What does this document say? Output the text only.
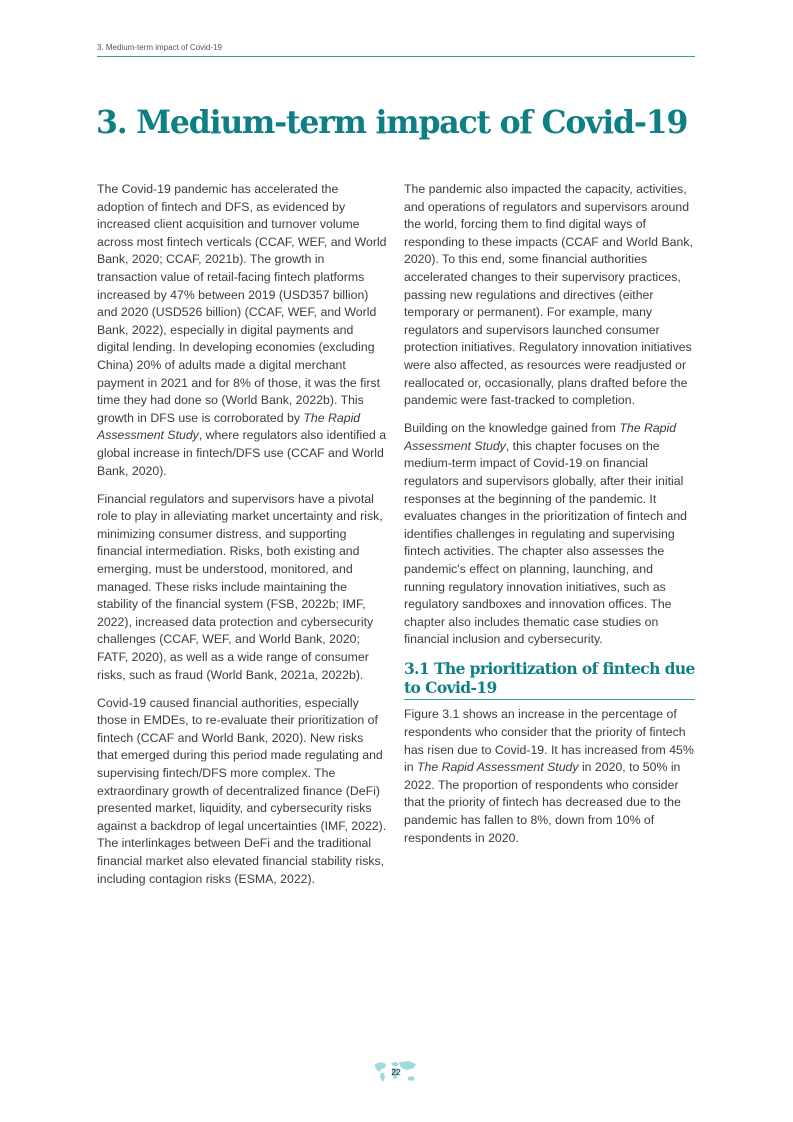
3. Medium-term impact of Covid-19
3. Medium-term impact of Covid-19

The Covid-19 pandemic has accelerated the adoption of fintech and DFS, as evidenced by increased client acquisition and turnover volume across most fintech verticals (CCAF, WEF, and World Bank, 2020; CCAF, 2021b). The growth in transaction value of retail-facing fintech platforms increased by 47% between 2019 (USD357 billion) and 2020 (USD526 billion) (CCAF, WEF, and World Bank, 2022), especially in digital payments and digital lending. In developing economies (excluding China) 20% of adults made a digital merchant payment in 2021 and for 8% of those, it was the first time they had done so (World Bank, 2022b). This growth in DFS use is corroborated by The Rapid Assessment Study, where regulators also identified a global increase in fintech/DFS use (CCAF and World Bank, 2020).

Financial regulators and supervisors have a pivotal role to play in alleviating market uncertainty and risk, minimizing consumer distress, and supporting financial intermediation. Risks, both existing and emerging, must be understood, monitored, and managed. These risks include maintaining the stability of the financial system (FSB, 2022b; IMF, 2022), increased data protection and cybersecurity challenges (CCAF, WEF, and World Bank, 2020; FATF, 2020), as well as a wide range of consumer risks, such as fraud (World Bank, 2021a, 2022b).

Covid-19 caused financial authorities, especially those in EMDEs, to re-evaluate their prioritization of fintech (CCAF and World Bank, 2020). New risks that emerged during this period made regulating and supervising fintech/DFS more complex. The extraordinary growth of decentralized finance (DeFi) presented market, liquidity, and cybersecurity risks against a backdrop of legal uncertainties (IMF, 2022). The interlinkages between DeFi and the traditional financial market also elevated financial stability risks, including contagion risks (ESMA, 2022).

The pandemic also impacted the capacity, activities, and operations of regulators and supervisors around the world, forcing them to find digital ways of responding to these impacts (CCAF and World Bank, 2020). To this end, some financial authorities accelerated changes to their supervisory practices, passing new regulations and directives (either temporary or permanent). For example, many regulators and supervisors launched consumer protection initiatives. Regulatory innovation initiatives were also affected, as resources were readjusted or reallocated or, occasionally, plans drafted before the pandemic were fast-tracked to completion.

Building on the knowledge gained from The Rapid Assessment Study, this chapter focuses on the medium-term impact of Covid-19 on financial regulators and supervisors globally, after their initial responses at the beginning of the pandemic. It evaluates changes in the prioritization of fintech and identifies challenges in regulating and supervising fintech activities. The chapter also assesses the pandemic's effect on planning, launching, and running regulatory innovation initiatives, such as regulatory sandboxes and innovation offices. The chapter also includes thematic case studies on financial inclusion and cybersecurity.

3.1 The prioritization of fintech due to Covid-19

Figure 3.1 shows an increase in the percentage of respondents who consider that the priority of fintech has risen due to Covid-19. It has increased from 45% in The Rapid Assessment Study in 2020, to 50% in 2022. The proportion of respondents who consider that the priority of fintech has decreased due to the pandemic has fallen to 8%, down from 10% of respondents in 2020.

22
